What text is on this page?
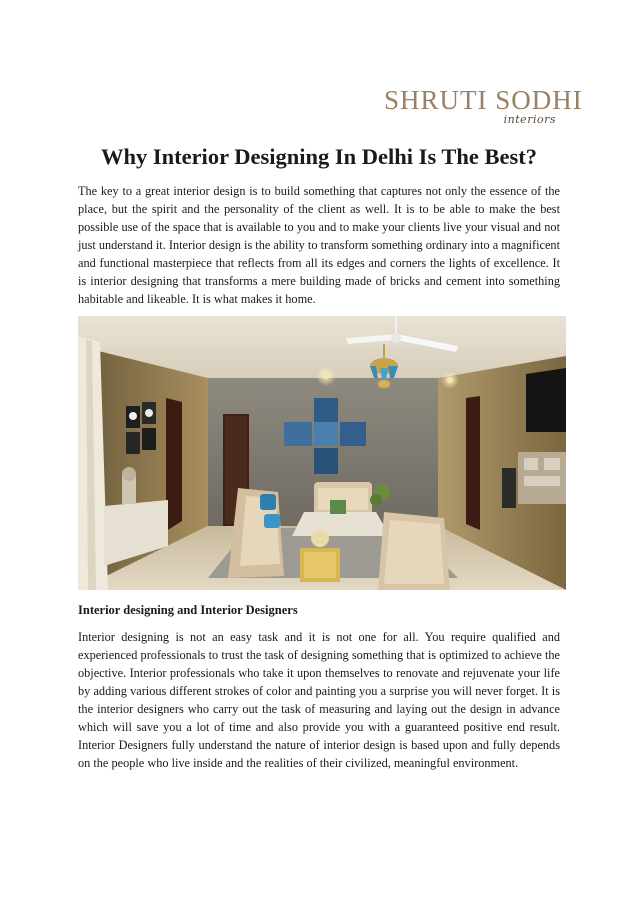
SHRUTI SODHI
interiors
Why Interior Designing In Delhi Is The Best?

The key to a great interior design is to build something that captures not only the essence of the place, but the spirit and the personality of the client as well. It is to be able to make the best possible use of the space that is available to you and to make your clients live your visual and not just understand it. Interior design is the ability to transform something ordinary into a magnificent and functional masterpiece that reflects from all its edges and corners the lights of excellence. It is interior designing that transforms a mere building made of bricks and cement into something habitable and likeable. It is what makes it home.

Interior designing and Interior Designers

Interior designing is not an easy task and it is not one for all. You require qualified and experienced professionals to trust the task of designing something that is optimized to achieve the objective. Interior professionals who take it upon themselves to renovate and rejuvenate your life by adding various different strokes of color and painting you a surprise you will never forget. It is the interior designers who carry out the task of measuring and laying out the design in advance which will save you a lot of time and also provide you with a guaranteed positive end result. Interior Designers fully understand the nature of interior design is based upon and fully depends on the people who live inside and the realities of their civilized, meaningful environment.
